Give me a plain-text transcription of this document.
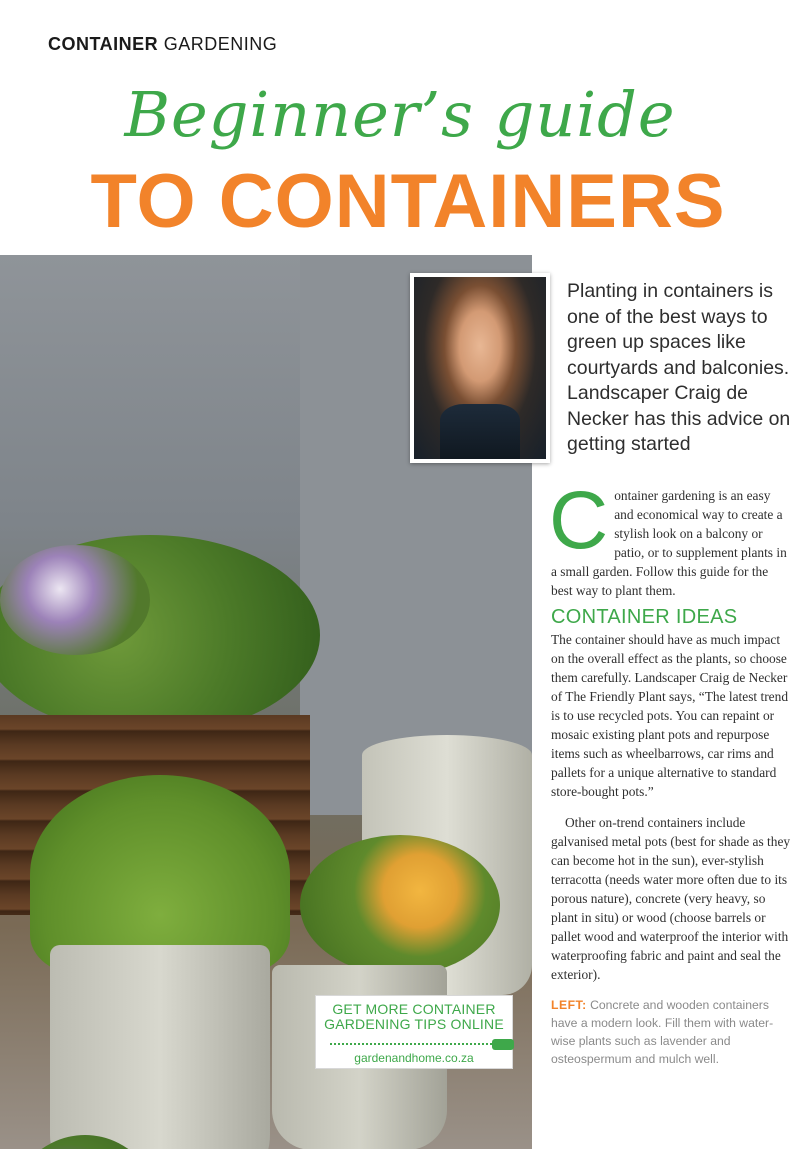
CONTAINER GARDENING
Beginner’s guide
TO CONTAINERS
Planting in containers is one of the best ways to green up spaces like courtyards and balconies. Landscaper Craig de Necker has this advice on getting started
C ontainer gardening is an easy and economical way to create a stylish look on a balcony or patio, or to supplement plants in a small garden. Follow this guide for the best way to plant them.
CONTAINER IDEAS
The container should have as much impact on the overall effect as the plants, so choose them carefully. Landscaper Craig de Necker of The Friendly Plant says, “The latest trend is to use recycled pots. You can repaint or mosaic existing plant pots and repurpose items such as wheelbarrows, car rims and pallets for a unique alternative to standard store-bought pots.”
Other on-trend containers include galvanised metal pots (best for shade as they can become hot in the sun), ever-stylish terracotta (needs water more often due to its porous nature), concrete (very heavy, so plant in situ) or wood (choose barrels or pallet wood and waterproof the interior with waterproofing fabric and paint and seal the exterior).
LEFT: Concrete and wooden containers have a modern look. Fill them with water-wise plants such as lavender and osteospermum and mulch well.
GET MORE CONTAINER
GARDENING TIPS ONLINE
gardenandhome.co.za
